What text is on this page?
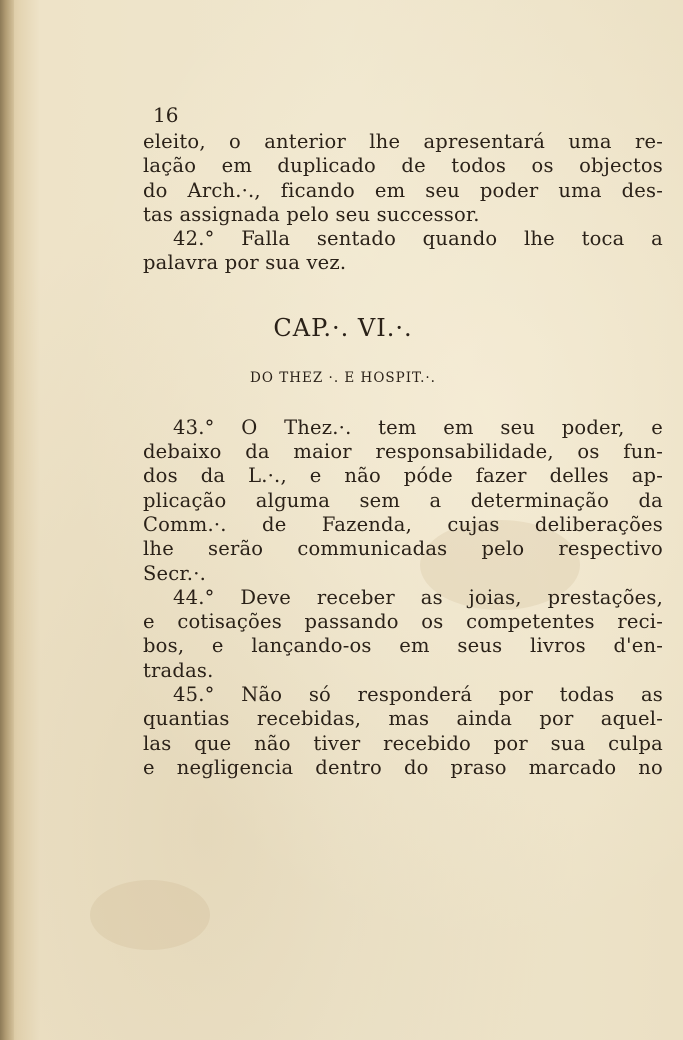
16
eleito, o anterior lhe apresentará uma re-
lação em duplicado de todos os objectos
do Arch.·., ficando em seu poder uma des-
tas assignada pelo seu successor.
42.° Falla sentado quando lhe toca a
palavra por sua vez.
CAP.·. VI.·.
DO THEZ ·. E HOSPIT.·.
43.° O Thez.·. tem em seu poder, e
debaixo da maior responsabilidade, os fun-
dos da L.·., e não póde fazer delles ap-
plicação alguma sem a determinação da
Comm.·. de Fazenda, cujas deliberações
lhe serão communicadas pelo respectivo
Secr.·.
44.° Deve receber as joias, prestações,
e cotisações passando os competentes reci-
bos, e lançando-os em seus livros d'en-
tradas.
45.° Não só responderá por todas as
quantias recebidas, mas ainda por aquel-
las que não tiver recebido por sua culpa
e negligencia dentro do praso marcado no
